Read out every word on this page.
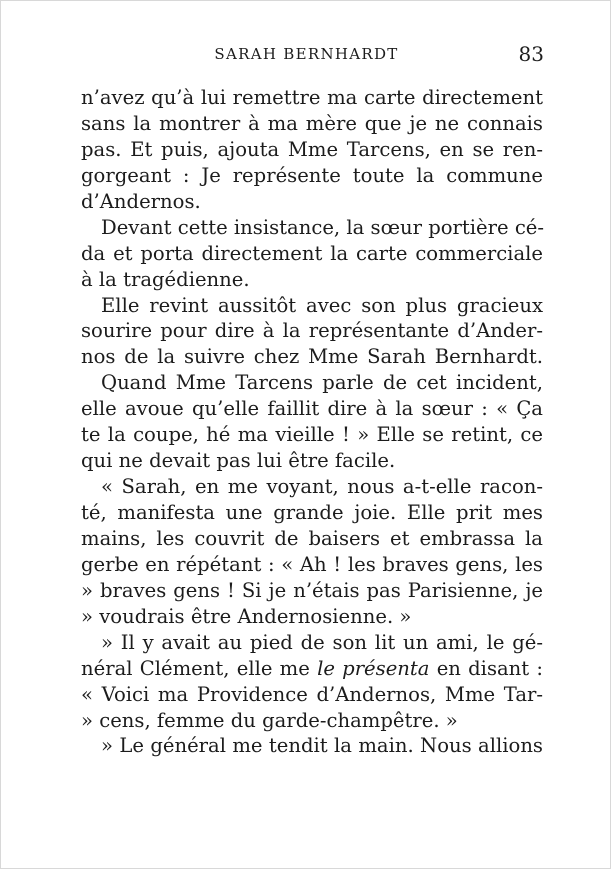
SARAH BERNHARDT	83
n’avez qu’à lui remettre ma carte directement
sans la montrer à ma mère que je ne connais
pas. Et puis, ajouta Mme Tarcens, en se ren-
gorgeant : Je représente toute la commune
d’Andernos.
Devant cette insistance, la sœur portière cé-
da et porta directement la carte commerciale
à la tragédienne.
Elle revint aussitôt avec son plus gracieux
sourire pour dire à la représentante d’Ander-
nos de la suivre chez Mme Sarah Bernhardt.
Quand Mme Tarcens parle de cet incident,
elle avoue qu’elle faillit dire à la sœur : « Ça
te la coupe, hé ma vieille ! » Elle se retint, ce
qui ne devait pas lui être facile.
« Sarah, en me voyant, nous a-t-elle racon-
té, manifesta une grande joie. Elle prit mes
mains, les couvrit de baisers et embrassa la
gerbe en répétant : « Ah ! les braves gens, les
» braves gens ! Si je n’étais pas Parisienne, je
» voudrais être Andernosienne. »
» Il y avait au pied de son lit un ami, le gé-
néral Clément, elle me le présenta en disant :
« Voici ma Providence d’Andernos, Mme Tar-
» cens, femme du garde-champêtre. »
» Le général me tendit la main. Nous allions
